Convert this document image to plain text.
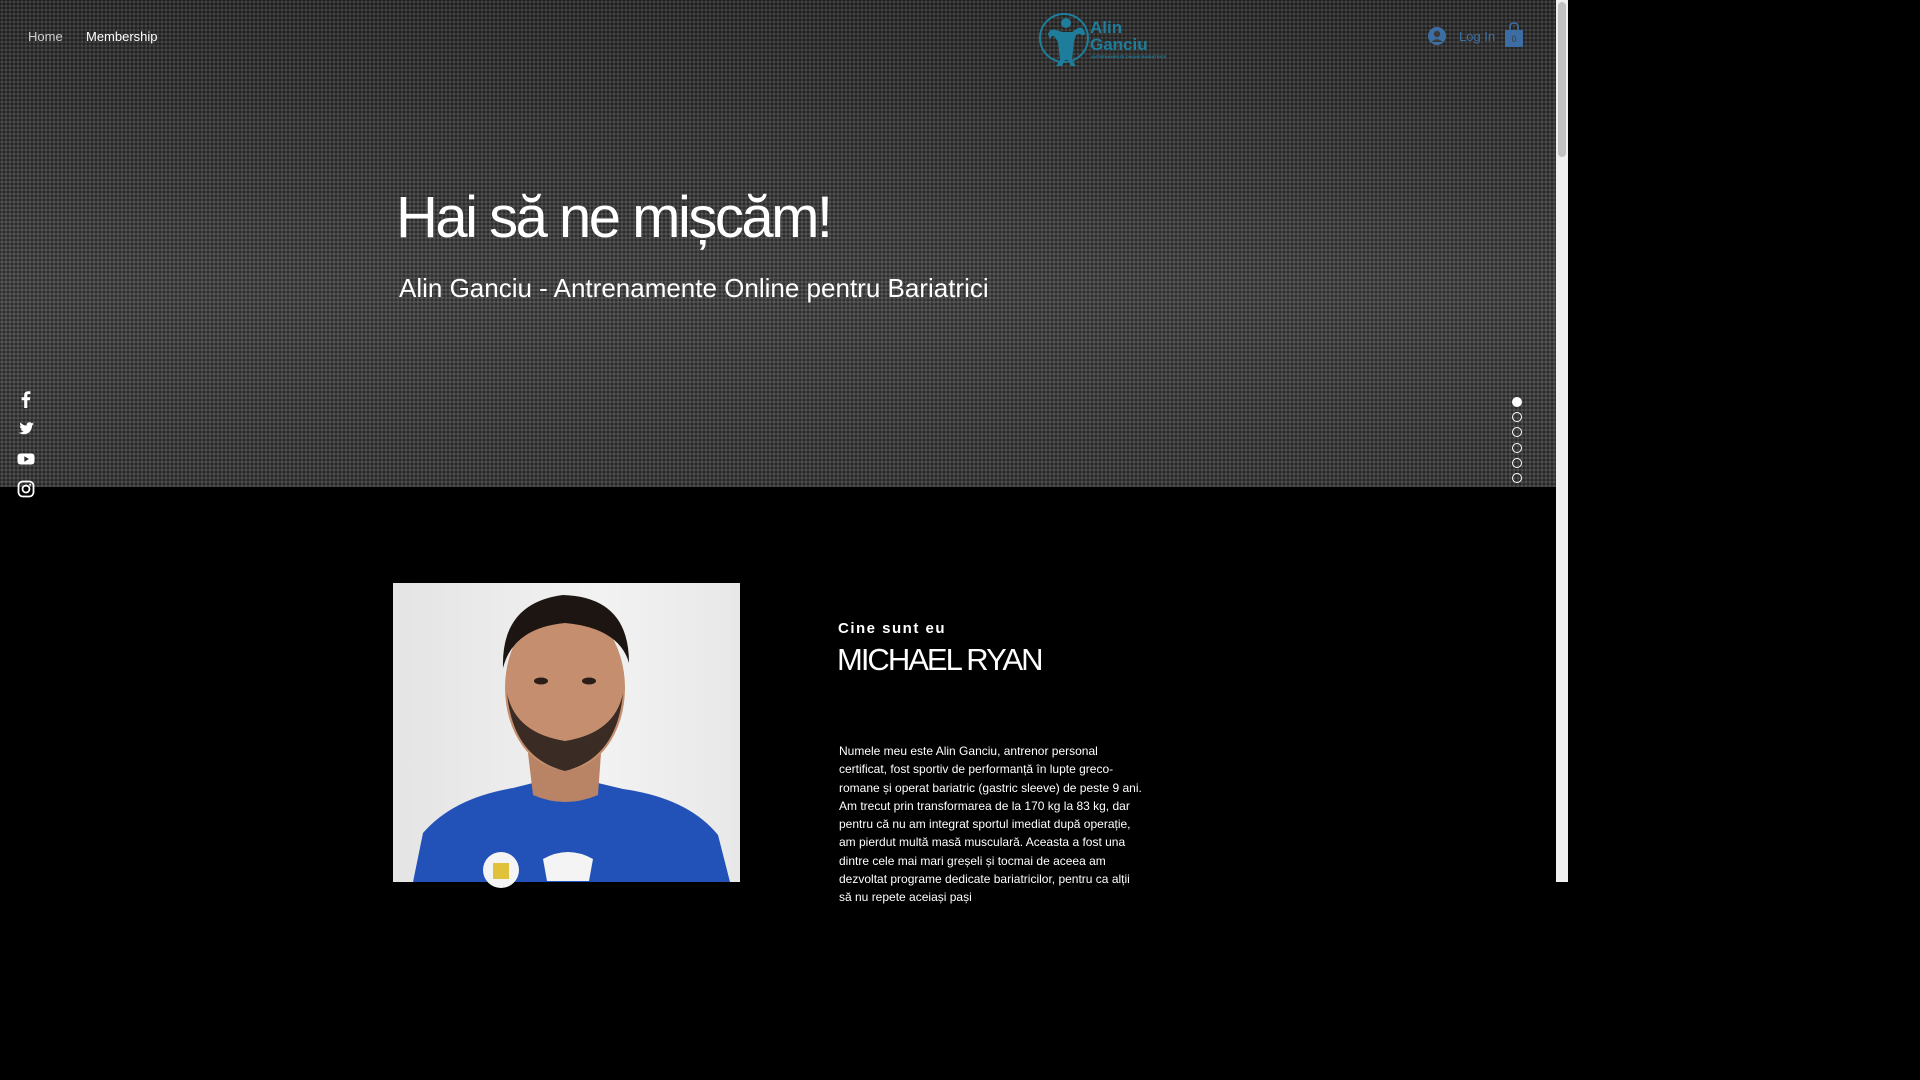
Home Membership	Alin Ganciu
ANTRENAMENTE ONLINE BARIATRICE
Log In 0
Hai să ne mișcăm!
Alin Ganciu - Antrenamente Online pentru Bariatrici
Cine sunt eu
MICHAEL RYAN

Numele meu este Alin Ganciu, antrenor personal certificat, fost sportiv de performanță în lupte greco-romane și operat bariatric (gastric sleeve) de peste 9 ani. Am trecut prin transformarea de la 170 kg la 83 kg, dar pentru că nu am integrat sportul imediat după operație, am pierdut multă masă musculară. Aceasta a fost una dintre cele mai mari greșeli și tocmai de aceea am dezvoltat programe dedicate bariatricilor, pentru ca alții să nu repete aceiași pași
